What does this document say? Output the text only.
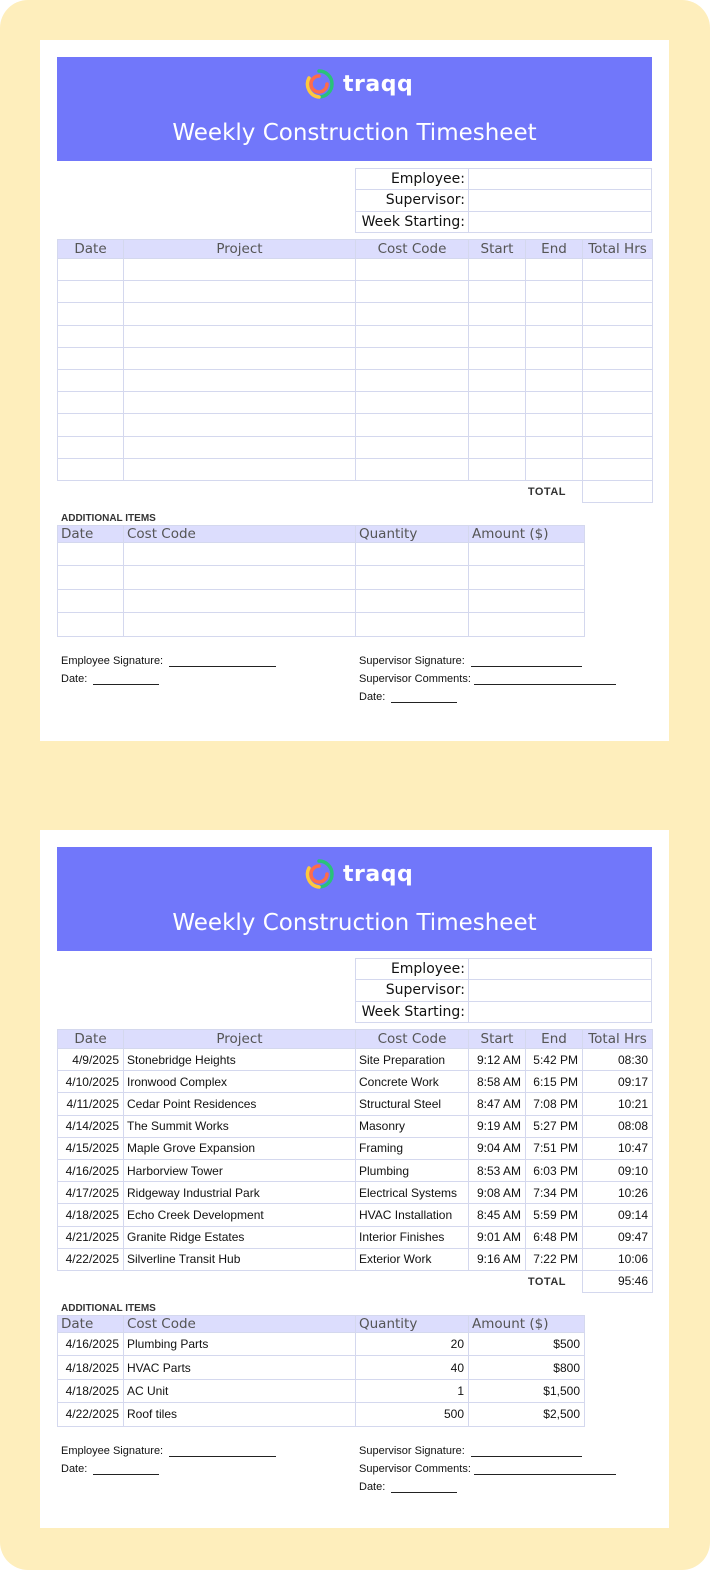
traqq
Weekly Construction Timesheet
Employee:	
Supervisor:	
Week Starting:	
Date	Project	Cost Code	Start	End	Total Hrs

TOTAL					
ADDITIONAL ITEMS
Date	Cost Code	Quantity	Amount ($)

Employee Signature:
Date:
Supervisor Signature:
Supervisor Comments:
Date:
traqq
Weekly Construction Timesheet
Employee:	
Supervisor:	
Week Starting:	
Date	Project	Cost Code	Start	End	Total Hrs
4/9/2025	Stonebridge Heights	Site Preparation	9:12 AM	5:42 PM	08:30
4/10/2025	Ironwood Complex	Concrete Work	8:58 AM	6:15 PM	09:17
4/11/2025	Cedar Point Residences	Structural Steel	8:47 AM	7:08 PM	10:21
4/14/2025	The Summit Works	Masonry	9:19 AM	5:27 PM	08:08
4/15/2025	Maple Grove Expansion	Framing	9:04 AM	7:51 PM	10:47
4/16/2025	Harborview Tower	Plumbing	8:53 AM	6:03 PM	09:10
4/17/2025	Ridgeway Industrial Park	Electrical Systems	9:08 AM	7:34 PM	10:26
4/18/2025	Echo Creek Development	HVAC Installation	8:45 AM	5:59 PM	09:14
4/21/2025	Granite Ridge Estates	Interior Finishes	9:01 AM	6:48 PM	09:47
4/22/2025	Silverline Transit Hub	Exterior Work	9:16 AM	7:22 PM	10:06
TOTAL					95:46
ADDITIONAL ITEMS
Date	Cost Code	Quantity	Amount ($)
4/16/2025	Plumbing Parts	20	$500
4/18/2025	HVAC Parts	40	$800
4/18/2025	AC Unit	1	$1,500
4/22/2025	Roof tiles	500	$2,500
Employee Signature:
Date:
Supervisor Signature:
Supervisor Comments:
Date:
